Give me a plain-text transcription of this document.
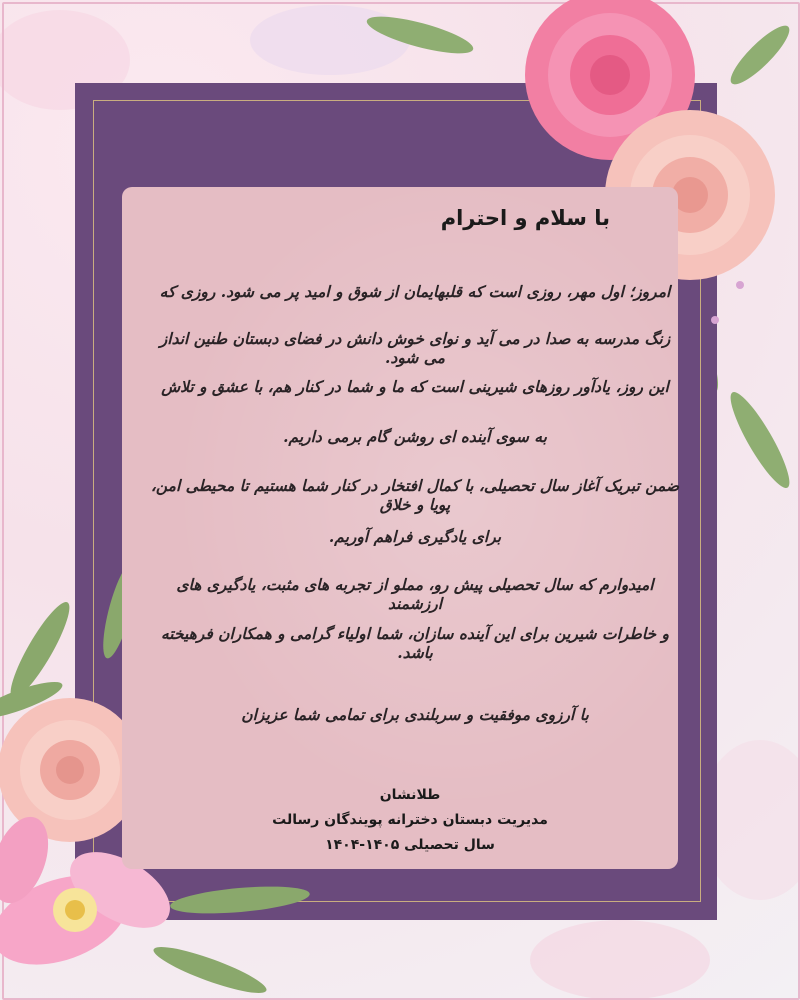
با سلام و احترام
امروز؛ اول مهر، روزی است که قلبهایمان از شوق و امید پر می شود. روزی که
زنگ مدرسه به صدا در می آید و نوای خوش دانش در فضای دبستان طنین انداز می شود.
این روز، یادآور روزهای شیرینی است که ما و شما در کنار هم، با عشق و تلاش
به سوی آینده ای روشن گام برمی داریم.
ضمن تبریک آغاز سال تحصیلی، با کمال افتخار در کنار شما هستیم تا محیطی امن، پویا و خلاق
برای یادگیری فراهم آوریم.
امیدوارم که سال تحصیلی پیش رو، مملو از تجربه های مثبت، یادگیری های ارزشمند
و خاطرات شیرین برای این آینده سازان، شما اولیاء گرامی و همکاران فرهیخته باشد.
با آرزوی موفقیت و سربلندی برای تمامی شما عزیزان
طلانشان
مدیریت دبستان دخترانه پویندگان رسالت
سال تحصیلی ۱۴۰۵-۱۴۰۴
